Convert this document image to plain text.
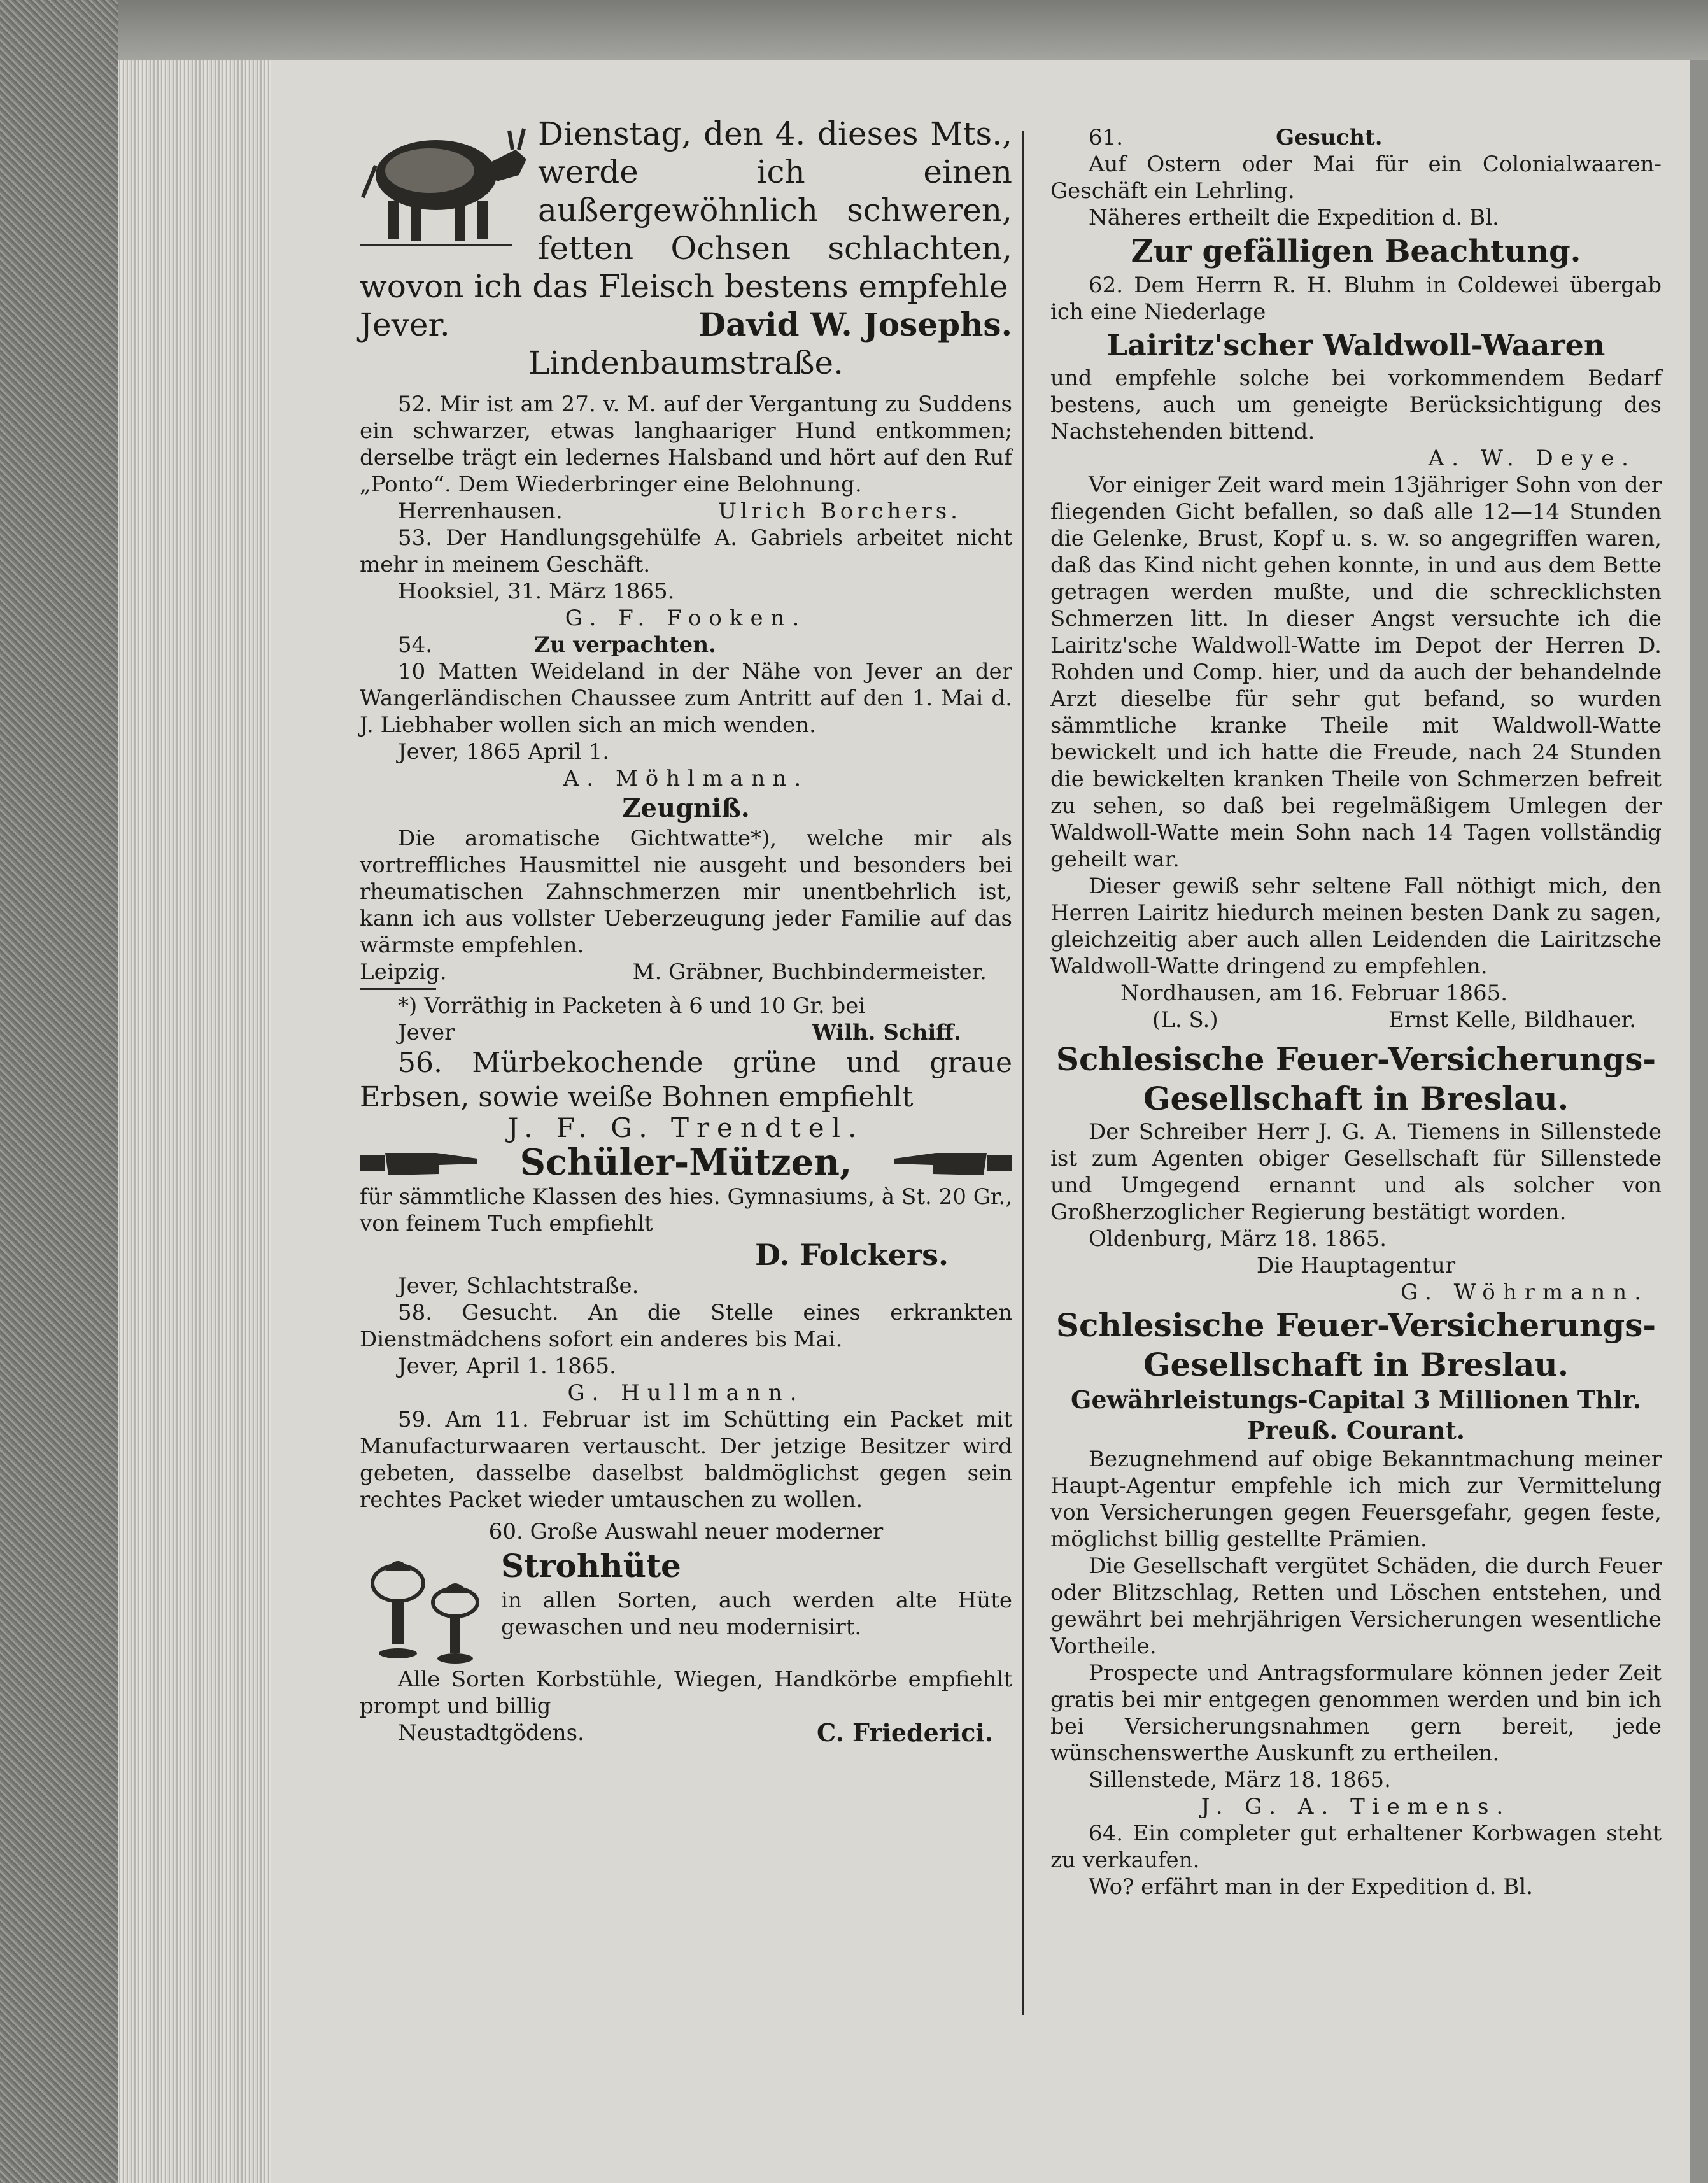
Dienstag, den 4. dieses Mts., werde ich einen außergewöhnlich schweren, fetten Ochsen schlachten, wovon ich das Fleisch bestens empfehle

Jever.	David W. Josephs.

Lindenbaumstraße.

52. Mir ist am 27. v. M. auf der Vergantung zu Suddens ein schwarzer, etwas langhaariger Hund entkommen; derselbe trägt ein ledernes Halsband und hört auf den Ruf „Ponto“. Dem Wiederbringer eine Belohnung.

Herrenhausen.	Ulrich Borchers.

53. Der Handlungsgehülfe A. Gabriels arbeitet nicht mehr in meinem Geschäft.

Hooksiel, 31. März 1865.

G. F. Fooken.

54.	Zu verpachten.

10 Matten Weideland in der Nähe von Jever an der Wangerländischen Chaussee zum Antritt auf den 1. Mai d. J. Liebhaber wollen sich an mich wenden.

Jever, 1865 April 1.

A. Möhlmann.

Zeugniß.

Die aromatische Gichtwatte*), welche mir als vortreffliches Hausmittel nie ausgeht und besonders bei rheumatischen Zahnschmerzen mir unentbehrlich ist, kann ich aus vollster Ueberzeugung jeder Familie auf das wärmste empfehlen.

Leipzig.	M. Gräbner, Buchbindermeister.

*) Vorräthig in Packeten à 6 und 10 Gr. bei

Jever	Wilh. Schiff.

56. Mürbekochende grüne und graue Erbsen, sowie weiße Bohnen empfiehlt

J. F. G. Trendtel.

Schüler-Mützen,

für sämmtliche Klassen des hies. Gymnasiums, à St. 20 Gr., von feinem Tuch empfiehlt

D. Folckers.

Jever, Schlachtstraße.

58. Gesucht. An die Stelle eines erkrankten Dienstmädchens sofort ein anderes bis Mai.

Jever, April 1. 1865.

G. Hullmann.

59. Am 11. Februar ist im Schütting ein Packet mit Manufacturwaaren vertauscht. Der jetzige Besitzer wird gebeten, dasselbe daselbst baldmöglichst gegen sein rechtes Packet wieder umtauschen zu wollen.

60. Große Auswahl neuer moderner

Strohhüte

in allen Sorten, auch werden alte Hüte gewaschen und neu modernisirt.

Alle Sorten Korbstühle, Wiegen, Handkörbe empfiehlt prompt und billig

Neustadtgödens.	C. Friederici.
61.	Gesucht.

Auf Ostern oder Mai für ein Colonialwaaren-Geschäft ein Lehrling.

Näheres ertheilt die Expedition d. Bl.

Zur gefälligen Beachtung.

62. Dem Herrn R. H. Bluhm in Coldewei übergab ich eine Niederlage

Lairitz'scher Waldwoll-Waaren

und empfehle solche bei vorkommendem Bedarf bestens, auch um geneigte Berücksichtigung des Nachstehenden bittend.

A. W. Deye.

Vor einiger Zeit ward mein 13jähriger Sohn von der fliegenden Gicht befallen, so daß alle 12—14 Stunden die Gelenke, Brust, Kopf u. s. w. so angegriffen waren, daß das Kind nicht gehen konnte, in und aus dem Bette getragen werden mußte, und die schrecklichsten Schmerzen litt. In dieser Angst versuchte ich die Lairitz'sche Waldwoll-Watte im Depot der Herren D. Rohden und Comp. hier, und da auch der behandelnde Arzt dieselbe für sehr gut befand, so wurden sämmtliche kranke Theile mit Waldwoll-Watte bewickelt und ich hatte die Freude, nach 24 Stunden die bewickelten kranken Theile von Schmerzen befreit zu sehen, so daß bei regelmäßigem Umlegen der Waldwoll-Watte mein Sohn nach 14 Tagen vollständig geheilt war.

Dieser gewiß sehr seltene Fall nöthigt mich, den Herren Lairitz hiedurch meinen besten Dank zu sagen, gleichzeitig aber auch allen Leidenden die Lairitzsche Waldwoll-Watte dringend zu empfehlen.

Nordhausen, am 16. Februar 1865.

(L. S.)	Ernst Kelle, Bildhauer.

Schlesische Feuer-Versicherungs-Gesellschaft in Breslau.

Der Schreiber Herr J. G. A. Tiemens in Sillenstede ist zum Agenten obiger Gesellschaft für Sillenstede und Umgegend ernannt und als solcher von Großherzoglicher Regierung bestätigt worden.

Oldenburg, März 18. 1865.

Die Hauptagentur

G. Wöhrmann.

Schlesische Feuer-Versicherungs-Gesellschaft in Breslau.

Gewährleistungs-Capital 3 Millionen Thlr.

Preuß. Courant.

Bezugnehmend auf obige Bekanntmachung meiner Haupt-Agentur empfehle ich mich zur Vermittelung von Versicherungen gegen Feuersgefahr, gegen feste, möglichst billig gestellte Prämien.

Die Gesellschaft vergütet Schäden, die durch Feuer oder Blitzschlag, Retten und Löschen entstehen, und gewährt bei mehrjährigen Versicherungen wesentliche Vortheile.

Prospecte und Antragsformulare können jeder Zeit gratis bei mir entgegen genommen werden und bin ich bei Versicherungsnahmen gern bereit, jede wünschenswerthe Auskunft zu ertheilen.

Sillenstede, März 18. 1865.

J. G. A. Tiemens.

64. Ein completer gut erhaltener Korbwagen steht zu verkaufen.

Wo? erfährt man in der Expedition d. Bl.
